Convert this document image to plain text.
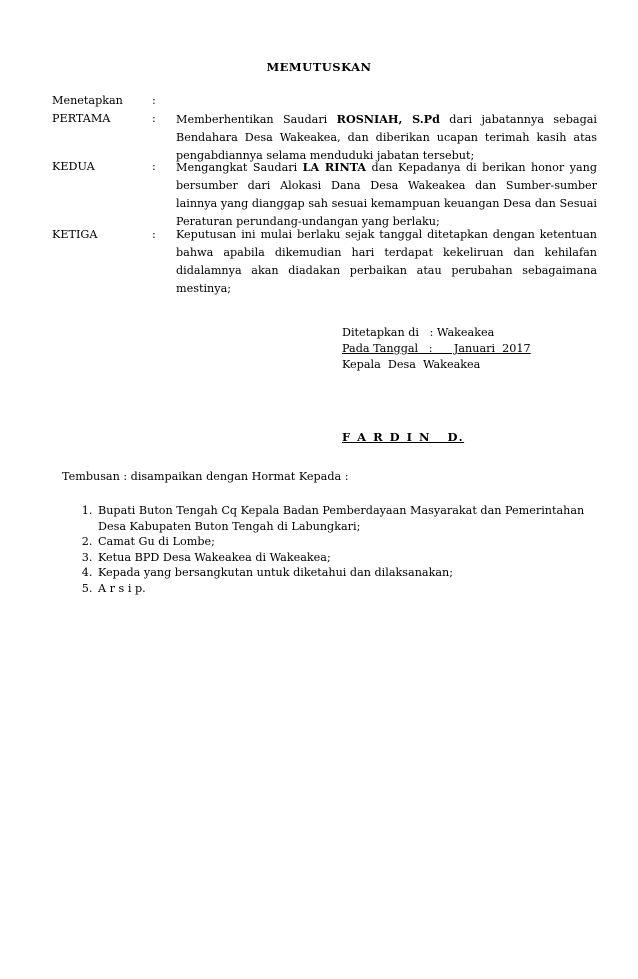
MEMUTUSKAN
Menetapkan	:
PERTAMA	: Memberhentikan Saudari ROSNIAH, S.Pd dari jabatannya sebagai Bendahara Desa Wakeakea, dan diberikan ucapan terimah kasih atas pengabdiannya selama menduduki jabatan tersebut;
KEDUA	: Mengangkat Saudari LA RINTA dan Kepadanya di berikan honor yang bersumber dari Alokasi Dana Desa Wakeakea dan Sumber-sumber lainnya yang dianggap sah sesuai kemampuan keuangan Desa dan Sesuai Peraturan perundang-undangan yang berlaku;
KETIGA	: Keputusan ini mulai berlaku sejak tanggal ditetapkan dengan ketentuan bahwa apabila dikemudian hari terdapat kekeliruan dan kehilafan didalamnya akan diadakan perbaikan atau perubahan sebagaimana mestinya;
Ditetapkan di   : Wakeakea
Pada Tanggal   :      Januari  2017
Kepala  Desa  Wakeakea
F A R D I N   D.
Tembusan : disampaikan dengan Hormat Kepada :
1. Bupati Buton Tengah Cq Kepala Badan Pemberdayaan Masyarakat dan Pemerintahan Desa Kabupaten Buton Tengah di Labungkari;
2. Camat Gu di Lombe;
3. Ketua BPD Desa Wakeakea di Wakeakea;
4. Kepada yang bersangkutan untuk diketahui dan dilaksanakan;
5. A r s i p.
